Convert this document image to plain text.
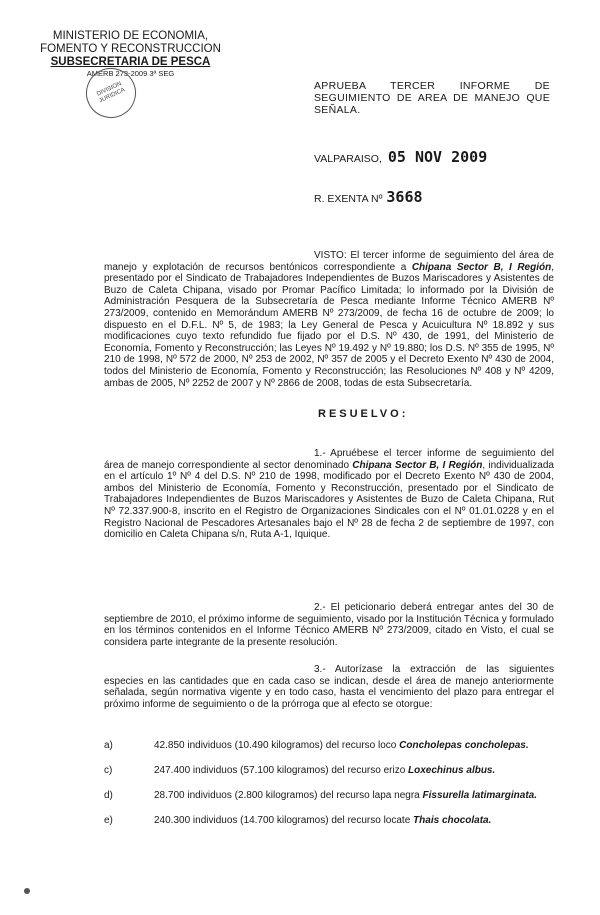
MINISTERIO DE ECONOMIA,
FOMENTO Y RECONSTRUCCION
SUBSECRETARIA DE PESCA
AMERB 273-2009 3ª SEG
DIVISION JURIDICA
APRUEBA TERCER INFORME DE SEGUIMIENTO DE AREA DE MANEJO QUE SEÑALA.
VALPARAISO, 05 NOV 2009
R. EXENTA Nº 3668
VISTO: El tercer informe de seguimiento del área de manejo y explotación de recursos bentónicos correspondiente a Chipana Sector B, I Región, presentado por el Sindicato de Trabajadores Independientes de Buzos Mariscadores y Asistentes de Buzo de Caleta Chipana, visado por Promar Pacífico Limitada; lo informado por la División de Administración Pesquera de la Subsecretaría de Pesca mediante Informe Técnico AMERB Nº 273/2009, contenido en Memorándum AMERB Nº 273/2009, de fecha 16 de octubre de 2009; lo dispuesto en el D.F.L. Nº 5, de 1983; la Ley General de Pesca y Acuicultura Nº 18.892 y sus modificaciones cuyo texto refundido fue fijado por el D.S. Nº 430, de 1991, del Ministerio de Economía, Fomento y Reconstrucción; las Leyes Nº 19.492 y Nº 19.880; los D.S. Nº 355 de 1995, Nº 210 de 1998, Nº 572 de 2000, Nº 253 de 2002, Nº 357 de 2005 y el Decreto Exento Nº 430 de 2004, todos del Ministerio de Economía, Fomento y Reconstrucción; las Resoluciones Nº 408 y Nº 4209, ambas de 2005, Nº 2252 de 2007 y Nº 2866 de 2008, todas de esta Subsecretaría.
RESUELVO:
1.- Apruébese el tercer informe de seguimiento del área de manejo correspondiente al sector denominado Chipana Sector B, I Región, individualizada en el artículo 1º Nº 4 del D.S. Nº 210 de 1998, modificado por el Decreto Exento Nº 430 de 2004, ambos del Ministerio de Economía, Fomento y Reconstrucción, presentado por el Sindicato de Trabajadores Independientes de Buzos Mariscadores y Asistentes de Buzo de Caleta Chipana, Rut Nº 72.337.900-8, inscrito en el Registro de Organizaciones Sindicales con el Nº 01.01.0228 y en el Registro Nacional de Pescadores Artesanales bajo el Nº 28 de fecha 2 de septiembre de 1997, con domicilio en Caleta Chipana s/n, Ruta A-1, Iquique.
2.- El peticionario deberá entregar antes del 30 de septiembre de 2010, el próximo informe de seguimiento, visado por la Institución Técnica y formulado en los términos contenidos en el Informe Técnico AMERB Nº 273/2009, citado en Visto, el cual se considera parte integrante de la presente resolución.
3.- Autorízase la extracción de las siguientes especies en las cantidades que en cada caso se indican, desde el área de manejo anteriormente señalada, según normativa vigente y en todo caso, hasta el vencimiento del plazo para entregar el próximo informe de seguimiento o de la prórroga que al efecto se otorgue:
a)	42.850 individuos (10.490 kilogramos) del recurso loco Concholepas concholepas.
c)	247.400 individuos (57.100 kilogramos) del recurso erizo Loxechinus albus.
d)	28.700 individuos (2.800 kilogramos) del recurso lapa negra Fissurella latimarginata.
e)	240.300 individuos (14.700 kilogramos) del recurso locate Thais chocolata.
